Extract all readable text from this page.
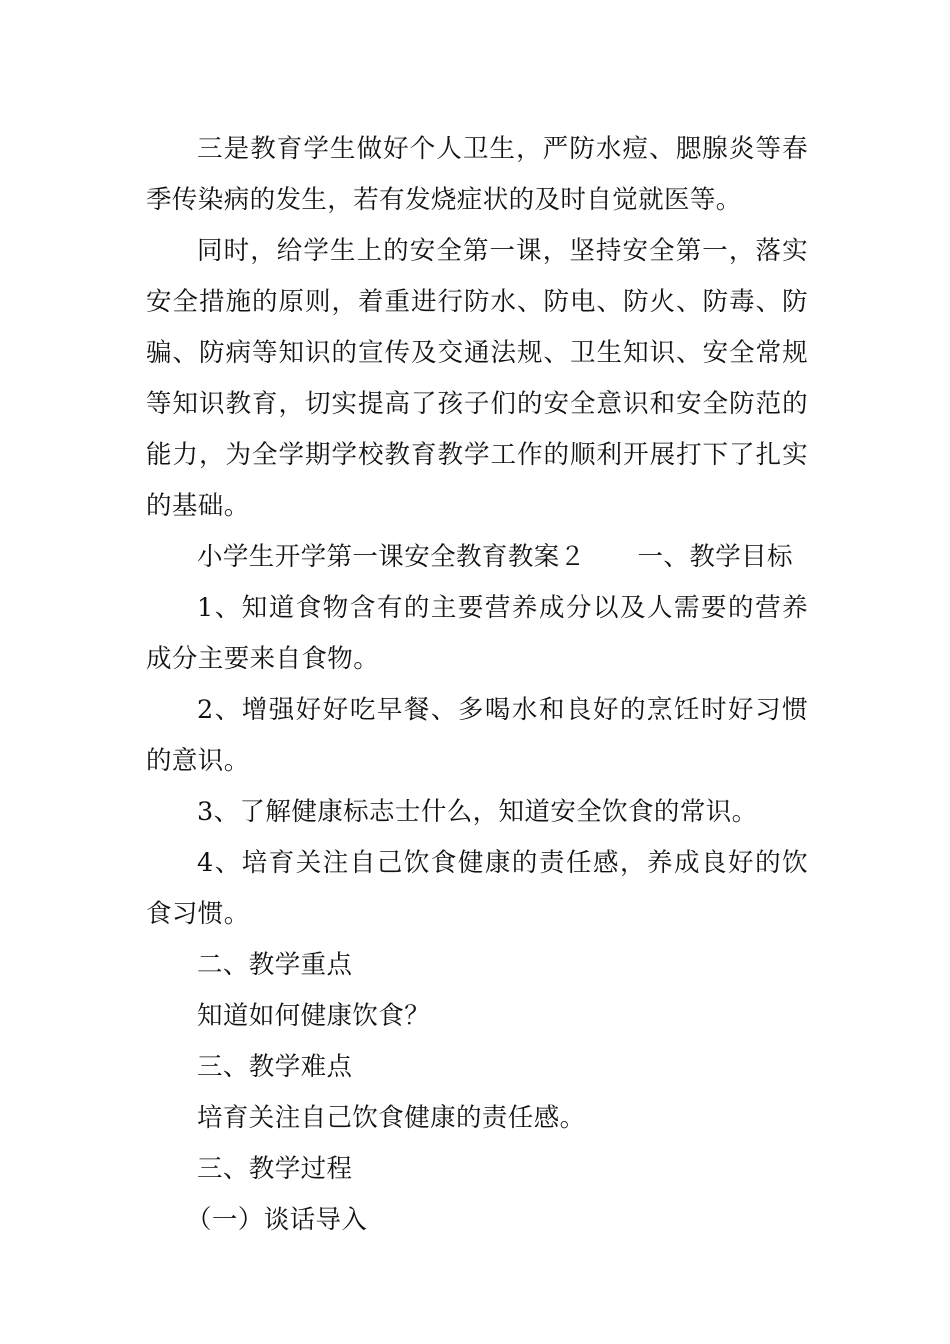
三是教育学生做好个人卫生，严防水痘、腮腺炎等春季传染病的发生，若有发烧症状的及时自觉就医等。

同时，给学生上的安全第一课，坚持安全第一，落实安全措施的原则，着重进行防水、防电、防火、防毒、防骗、防病等知识的宣传及交通法规、卫生知识、安全常规等知识教育，切实提高了孩子们的安全意识和安全防范的能力，为全学期学校教育教学工作的顺利开展打下了扎实的基础。

小学生开学第一课安全教育教案２ 一、教学目标

1、知道食物含有的主要营养成分以及人需要的营养成分主要来自食物。

2、增强好好吃早餐、多喝水和良好的烹饪时好习惯的意识。

3、了解健康标志士什么，知道安全饮食的常识。

4、培育关注自己饮食健康的责任感，养成良好的饮食习惯。

二、教学重点

知道如何健康饮食？

三、教学难点

培育关注自己饮食健康的责任感。

三、教学过程

（一）谈话导入
